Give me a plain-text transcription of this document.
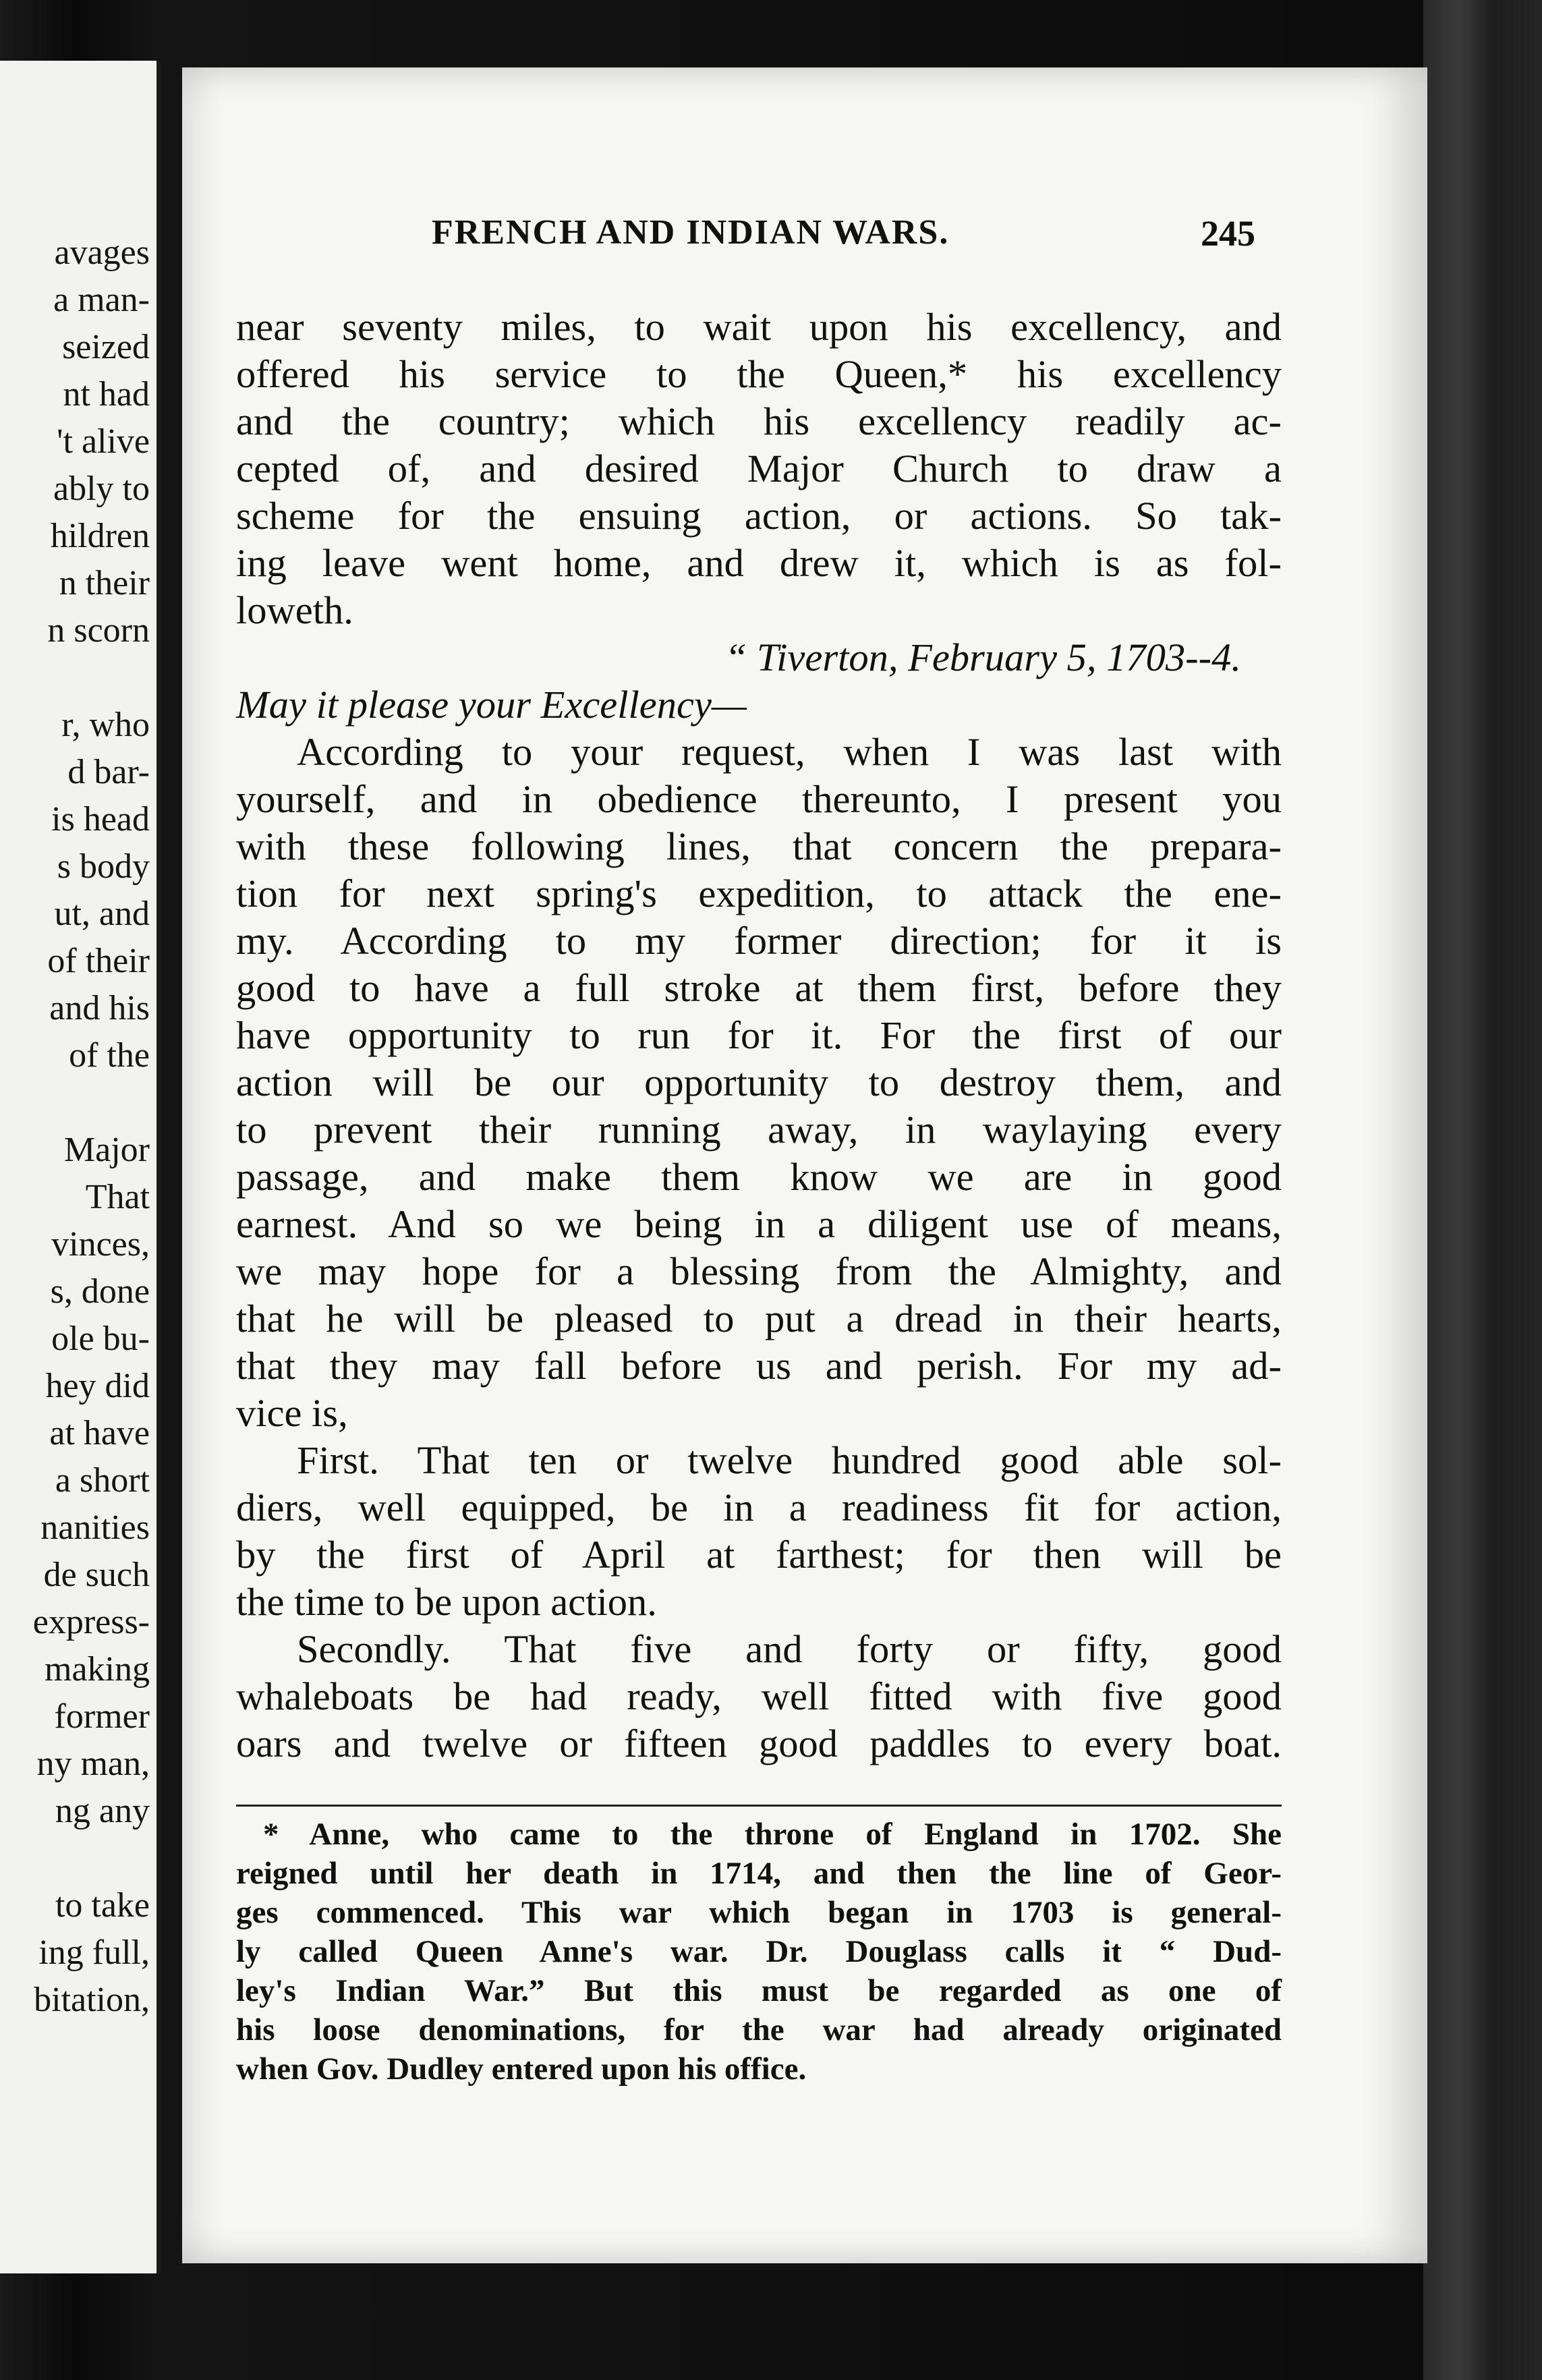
avages
a man-
seized
nt had
't alive
ably to
hildren
n their
n scorn
r, who
d bar-
is head
s body
ut, and
of their
and his
of the
Major
That
vinces,
s, done
ole bu-
hey did
at have
a short
nanities
de such
express-
making
former
ny man,
ng any
to take
ing full,
bitation,
FRENCH AND INDIAN WARS.	245
near seventy miles, to wait upon his excellency, and
offered his service to the Queen,* his excellency
and the country; which his excellency readily ac-
cepted of, and desired Major Church to draw a
scheme for the ensuing action, or actions. So tak-
ing leave went home, and drew it, which is as fol-
loweth.
“ Tiverton, February 5, 1703--4.
May it please your Excellency—
According to your request, when I was last with
yourself, and in obedience thereunto, I present you
with these following lines, that concern the prepara-
tion for next spring's expedition, to attack the ene-
my. According to my former direction; for it is
good to have a full stroke at them first, before they
have opportunity to run for it. For the first of our
action will be our opportunity to destroy them, and
to prevent their running away, in waylaying every
passage, and make them know we are in good
earnest. And so we being in a diligent use of means,
we may hope for a blessing from the Almighty, and
that he will be pleased to put a dread in their hearts,
that they may fall before us and perish. For my ad-
vice is,
First. That ten or twelve hundred good able sol-
diers, well equipped, be in a readiness fit for action,
by the first of April at farthest; for then will be
the time to be upon action.
Secondly. That five and forty or fifty, good
whaleboats be had ready, well fitted with five good
oars and twelve or fifteen good paddles to every boat.
* Anne, who came to the throne of England in 1702. She
reigned until her death in 1714, and then the line of Geor-
ges commenced. This war which began in 1703 is general-
ly called Queen Anne's war. Dr. Douglass calls it “ Dud-
ley's Indian War.” But this must be regarded as one of
his loose denominations, for the war had already originated
when Gov. Dudley entered upon his office.
